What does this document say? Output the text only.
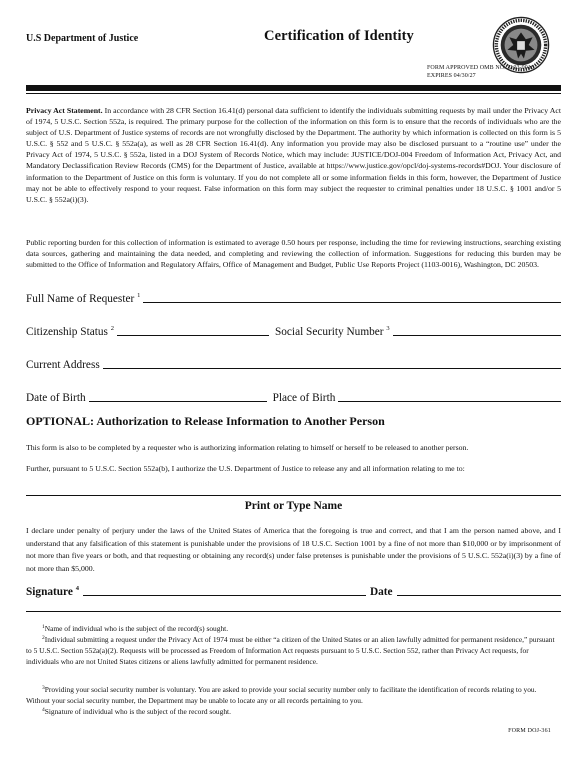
U.S Department of Justice	Certification of Identity
FORM APPROVED OMB NO. 1103-0016
EXPIRES 04/30/27
Privacy Act Statement. In accordance with 28 CFR Section 16.41(d) personal data sufficient to identify the individuals submitting requests by mail under the Privacy Act of 1974, 5 U.S.C. Section 552a, is required. The primary purpose for the collection of the information on this form is to ensure that the records of individuals who are the subject of U.S. Department of Justice systems of records are not wrongfully disclosed by the Department. The authority by which information is collected on this form is 5 U.S.C. § 552 and 5 U.S.C. § 552a(a), as well as 28 CFR Section 16.41(d). Any information you provide may also be disclosed pursuant to a “routine use” under the Privacy Act of 1974, 5 U.S.C. § 552a, listed in a DOJ System of Records Notice, which may include: JUSTICE/DOJ-004 Freedom of Information Act, Privacy Act, and Mandatory Declassification Review Records (CMS) for the Department of Justice, available at https://www.justice.gov/opcl/doj-systems-records#DOJ. Your disclosure of information to the Department of Justice on this form is voluntary. If you do not complete all or some information fields in this form, however, the Department of Justice may not be able to effectively respond to your request. False information on this form may subject the requester to criminal penalties under 18 U.S.C. § 1001 and/or 5 U.S.C. § 552a(i)(3).
Public reporting burden for this collection of information is estimated to average 0.50 hours per response, including the time for reviewing instructions, searching existing data sources, gathering and maintaining the data needed, and completing and reviewing the collection of information. Suggestions for reducing this burden may be submitted to the Office of Information and Regulatory Affairs, Office of Management and Budget, Public Use Reports Project (1103-0016), Washington, DC 20503.
Full Name of Requester $^1$
Citizenship Status $^2$	Social Security Number $^3$
Current Address
Date of Birth	Place of Birth
OPTIONAL: Authorization to Release Information to Another Person
This form is also to be completed by a requester who is authorizing information relating to himself or herself to be released to another person.
Further, pursuant to 5 U.S.C. Section 552a(b), I authorize the U.S. Department of Justice to release any and all information relating to me to:
Print or Type Name
I declare under penalty of perjury under the laws of the United States of America that the foregoing is true and correct, and that I am the person named above, and I understand that any falsification of this statement is punishable under the provisions of 18 U.S.C. Section 1001 by a fine of not more than $10,000 or by imprisonment of not more than five years or both, and that requesting or obtaining any record(s) under false pretenses is punishable under the provisions of 5 U.S.C. 552a(i)(3) by a fine of not more than $5,000.
Signature $^4$	Date
$^1$Name of individual who is the subject of the record(s) sought.
$^2$Individual submitting a request under the Privacy Act of 1974 must be either “a citizen of the United States or an alien lawfully admitted for permanent residence,” pursuant to 5 U.S.C. Section 552a(a)(2). Requests will be processed as Freedom of Information Act requests pursuant to 5 U.S.C. Section 552, rather than Privacy Act requests, for individuals who are not United States citizens or aliens lawfully admitted for permanent residence.
$^3$Providing your social security number is voluntary. You are asked to provide your social security number only to facilitate the identification of records relating to you. Without your social security number, the Department may be unable to locate any or all records pertaining to you.
$^4$Signature of individual who is the subject of the record sought.
FORM DOJ-361
